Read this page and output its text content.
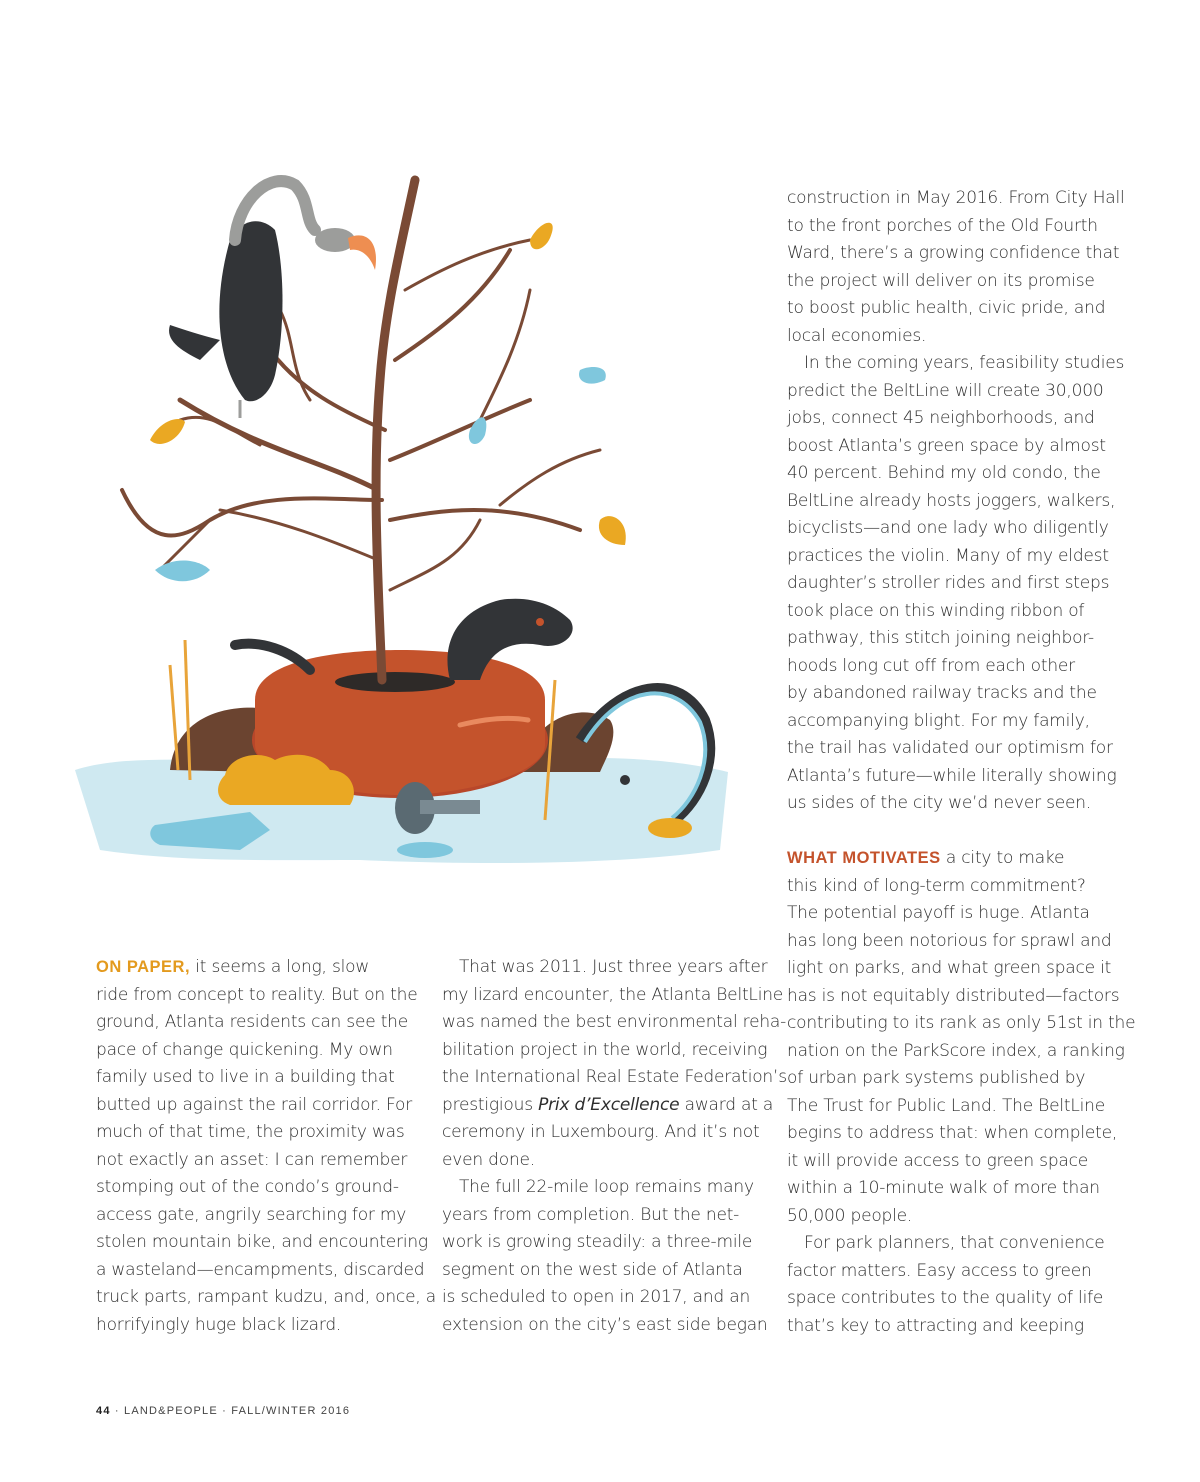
ON PAPER, it seems a long, slow
ride from concept to reality. But on the
ground, Atlanta residents can see the
pace of change quickening. My own
family used to live in a building that
butted up against the rail corridor. For
much of that time, the proximity was
not exactly an asset: I can remember
stomping out of the condo’s ground-
access gate, angrily searching for my
stolen mountain bike, and encountering
a wasteland—encampments, discarded
truck parts, rampant kudzu, and, once, a
horrifyingly huge black lizard.
That was 2011. Just three years after
my lizard encounter, the Atlanta BeltLine
was named the best environmental reha-
bilitation project in the world, receiving
the International Real Estate Federation’s
prestigious Prix d’Excellence award at a
ceremony in Luxembourg. And it’s not
even done.
The full 22-mile loop remains many
years from completion. But the net-
work is growing steadily: a three-mile
segment on the west side of Atlanta
is scheduled to open in 2017, and an
extension on the city’s east side began
construction in May 2016. From City Hall
to the front porches of the Old Fourth
Ward, there’s a growing confidence that
the project will deliver on its promise
to boost public health, civic pride, and
local economies.
In the coming years, feasibility studies
predict the BeltLine will create 30,000
jobs, connect 45 neighborhoods, and
boost Atlanta’s green space by almost
40 percent. Behind my old condo, the
BeltLine already hosts joggers, walkers,
bicyclists—and one lady who diligently
practices the violin. Many of my eldest
daughter’s stroller rides and first steps
took place on this winding ribbon of
pathway, this stitch joining neighbor-
hoods long cut off from each other
by abandoned railway tracks and the
accompanying blight. For my family,
the trail has validated our optimism for
Atlanta’s future—while literally showing
us sides of the city we’d never seen.
WHAT MOTIVATES a city to make
this kind of long-term commitment?
The potential payoff is huge. Atlanta
has long been notorious for sprawl and
light on parks, and what green space it
has is not equitably distributed—factors
contributing to its rank as only 51st in the
nation on the ParkScore index, a ranking
of urban park systems published by
The Trust for Public Land. The BeltLine
begins to address that: when complete,
it will provide access to green space
within a 10-minute walk of more than
50,000 people.
For park planners, that convenience
factor matters. Easy access to green
space contributes to the quality of life
that’s key to attracting and keeping
44 · LAND&PEOPLE · FALL/WINTER 2016
